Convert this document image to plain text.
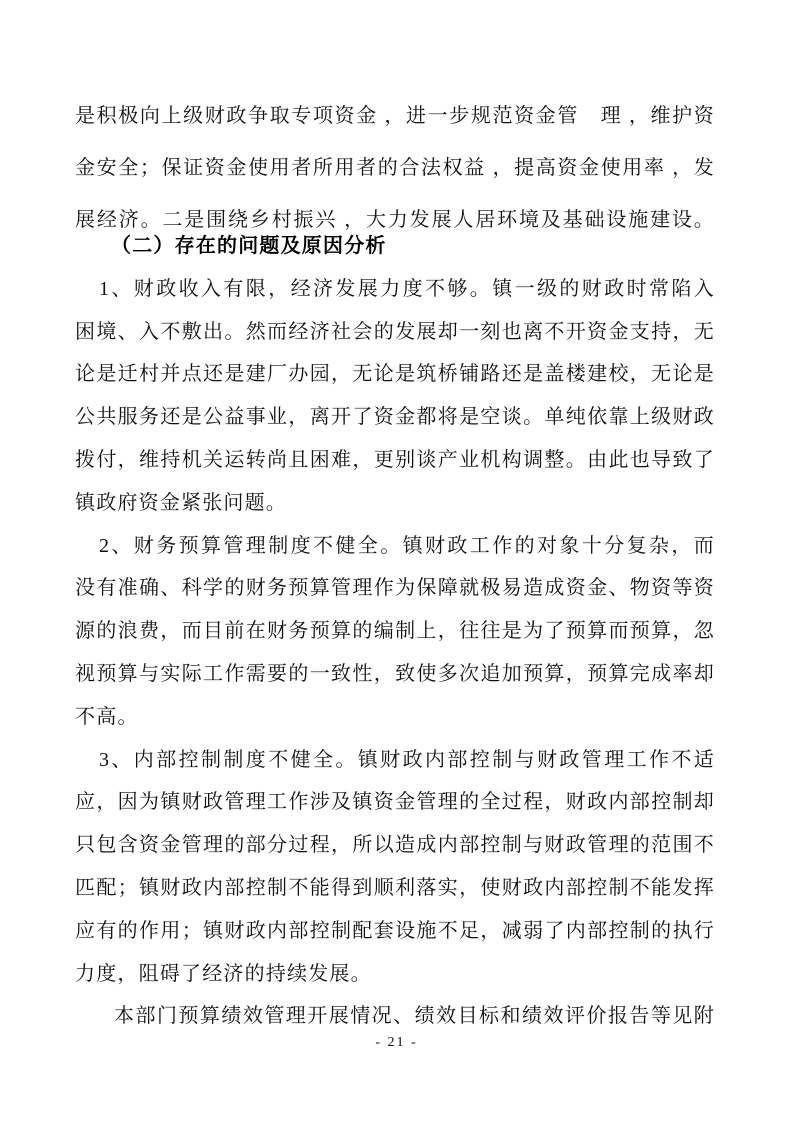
是积极向上级财政争取专项资金 ，进一步规范资金管　理 ，维护资
金安全；保证资金使用者所用者的合法权益 ，提高资金使用率 ，发
展经济。二是围绕乡村振兴 ，大力发展人居环境及基础设施建设。
（二）存在的问题及原因分析
1、财政收入有限，经济发展力度不够。镇一级的财政时常陷入
困境、入不敷出。然而经济社会的发展却一刻也离不开资金支持，无
论是迁村并点还是建厂办园，无论是筑桥铺路还是盖楼建校，无论是
公共服务还是公益事业，离开了资金都将是空谈。单纯依靠上级财政
拨付，维持机关运转尚且困难，更别谈产业机构调整。由此也导致了
镇政府资金紧张问题。
2、财务预算管理制度不健全。镇财政工作的对象十分复杂，而
没有准确、科学的财务预算管理作为保障就极易造成资金、物资等资
源的浪费，而目前在财务预算的编制上，往往是为了预算而预算，忽
视预算与实际工作需要的一致性，致使多次追加预算，预算完成率却
不高。
3、内部控制制度不健全。镇财政内部控制与财政管理工作不适
应，因为镇财政管理工作涉及镇资金管理的全过程，财政内部控制却
只包含资金管理的部分过程，所以造成内部控制与财政管理的范围不
匹配；镇财政内部控制不能得到顺利落实，使财政内部控制不能发挥
应有的作用；镇财政内部控制配套设施不足，减弱了内部控制的执行
力度，阻碍了经济的持续发展。
本部门预算绩效管理开展情况、绩效目标和绩效评价报告等见附
- 21 -
